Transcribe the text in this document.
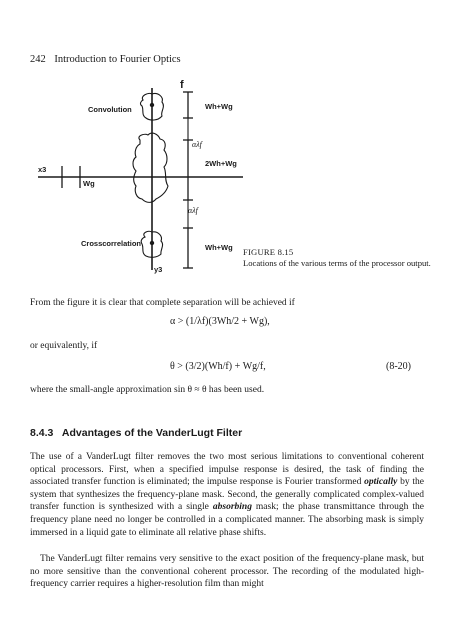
242 Introduction to Fourier Optics
Convolution
Crosscorrelation
f
x3
y3
Wg
Wh+Wg
αλf
2Wh+Wg
αλf
Wh+Wg FIGURE 8.15
Locations of the various terms of the processor output.
From the figure it is clear that complete separation will be achieved if
α > (1/λf)(3Wh/2 + Wg),
or equivalently, if
θ > (3/2)(Wh/f) + Wg/f,	(8-20)
where the small-angle approximation sin θ ≈ θ has been used.
8.4.3 Advantages of the VanderLugt Filter
The use of a VanderLugt filter removes the two most serious limitations to conventional coherent optical processors. First, when a specified impulse response is desired, the task of finding the associated transfer function is eliminated; the impulse response is Fourier transformed optically by the system that synthesizes the frequency-plane mask. Second, the generally complicated complex-valued transfer function is synthesized with a single absorbing mask; the phase transmittance through the frequency plane need no longer be controlled in a complicated manner. The absorbing mask is simply immersed in a liquid gate to eliminate all relative phase shifts.
The VanderLugt filter remains very sensitive to the exact position of the frequency-plane mask, but no more sensitive than the conventional coherent processor. The recording of the modulated high-frequency carrier requires a higher-resolution film than might
